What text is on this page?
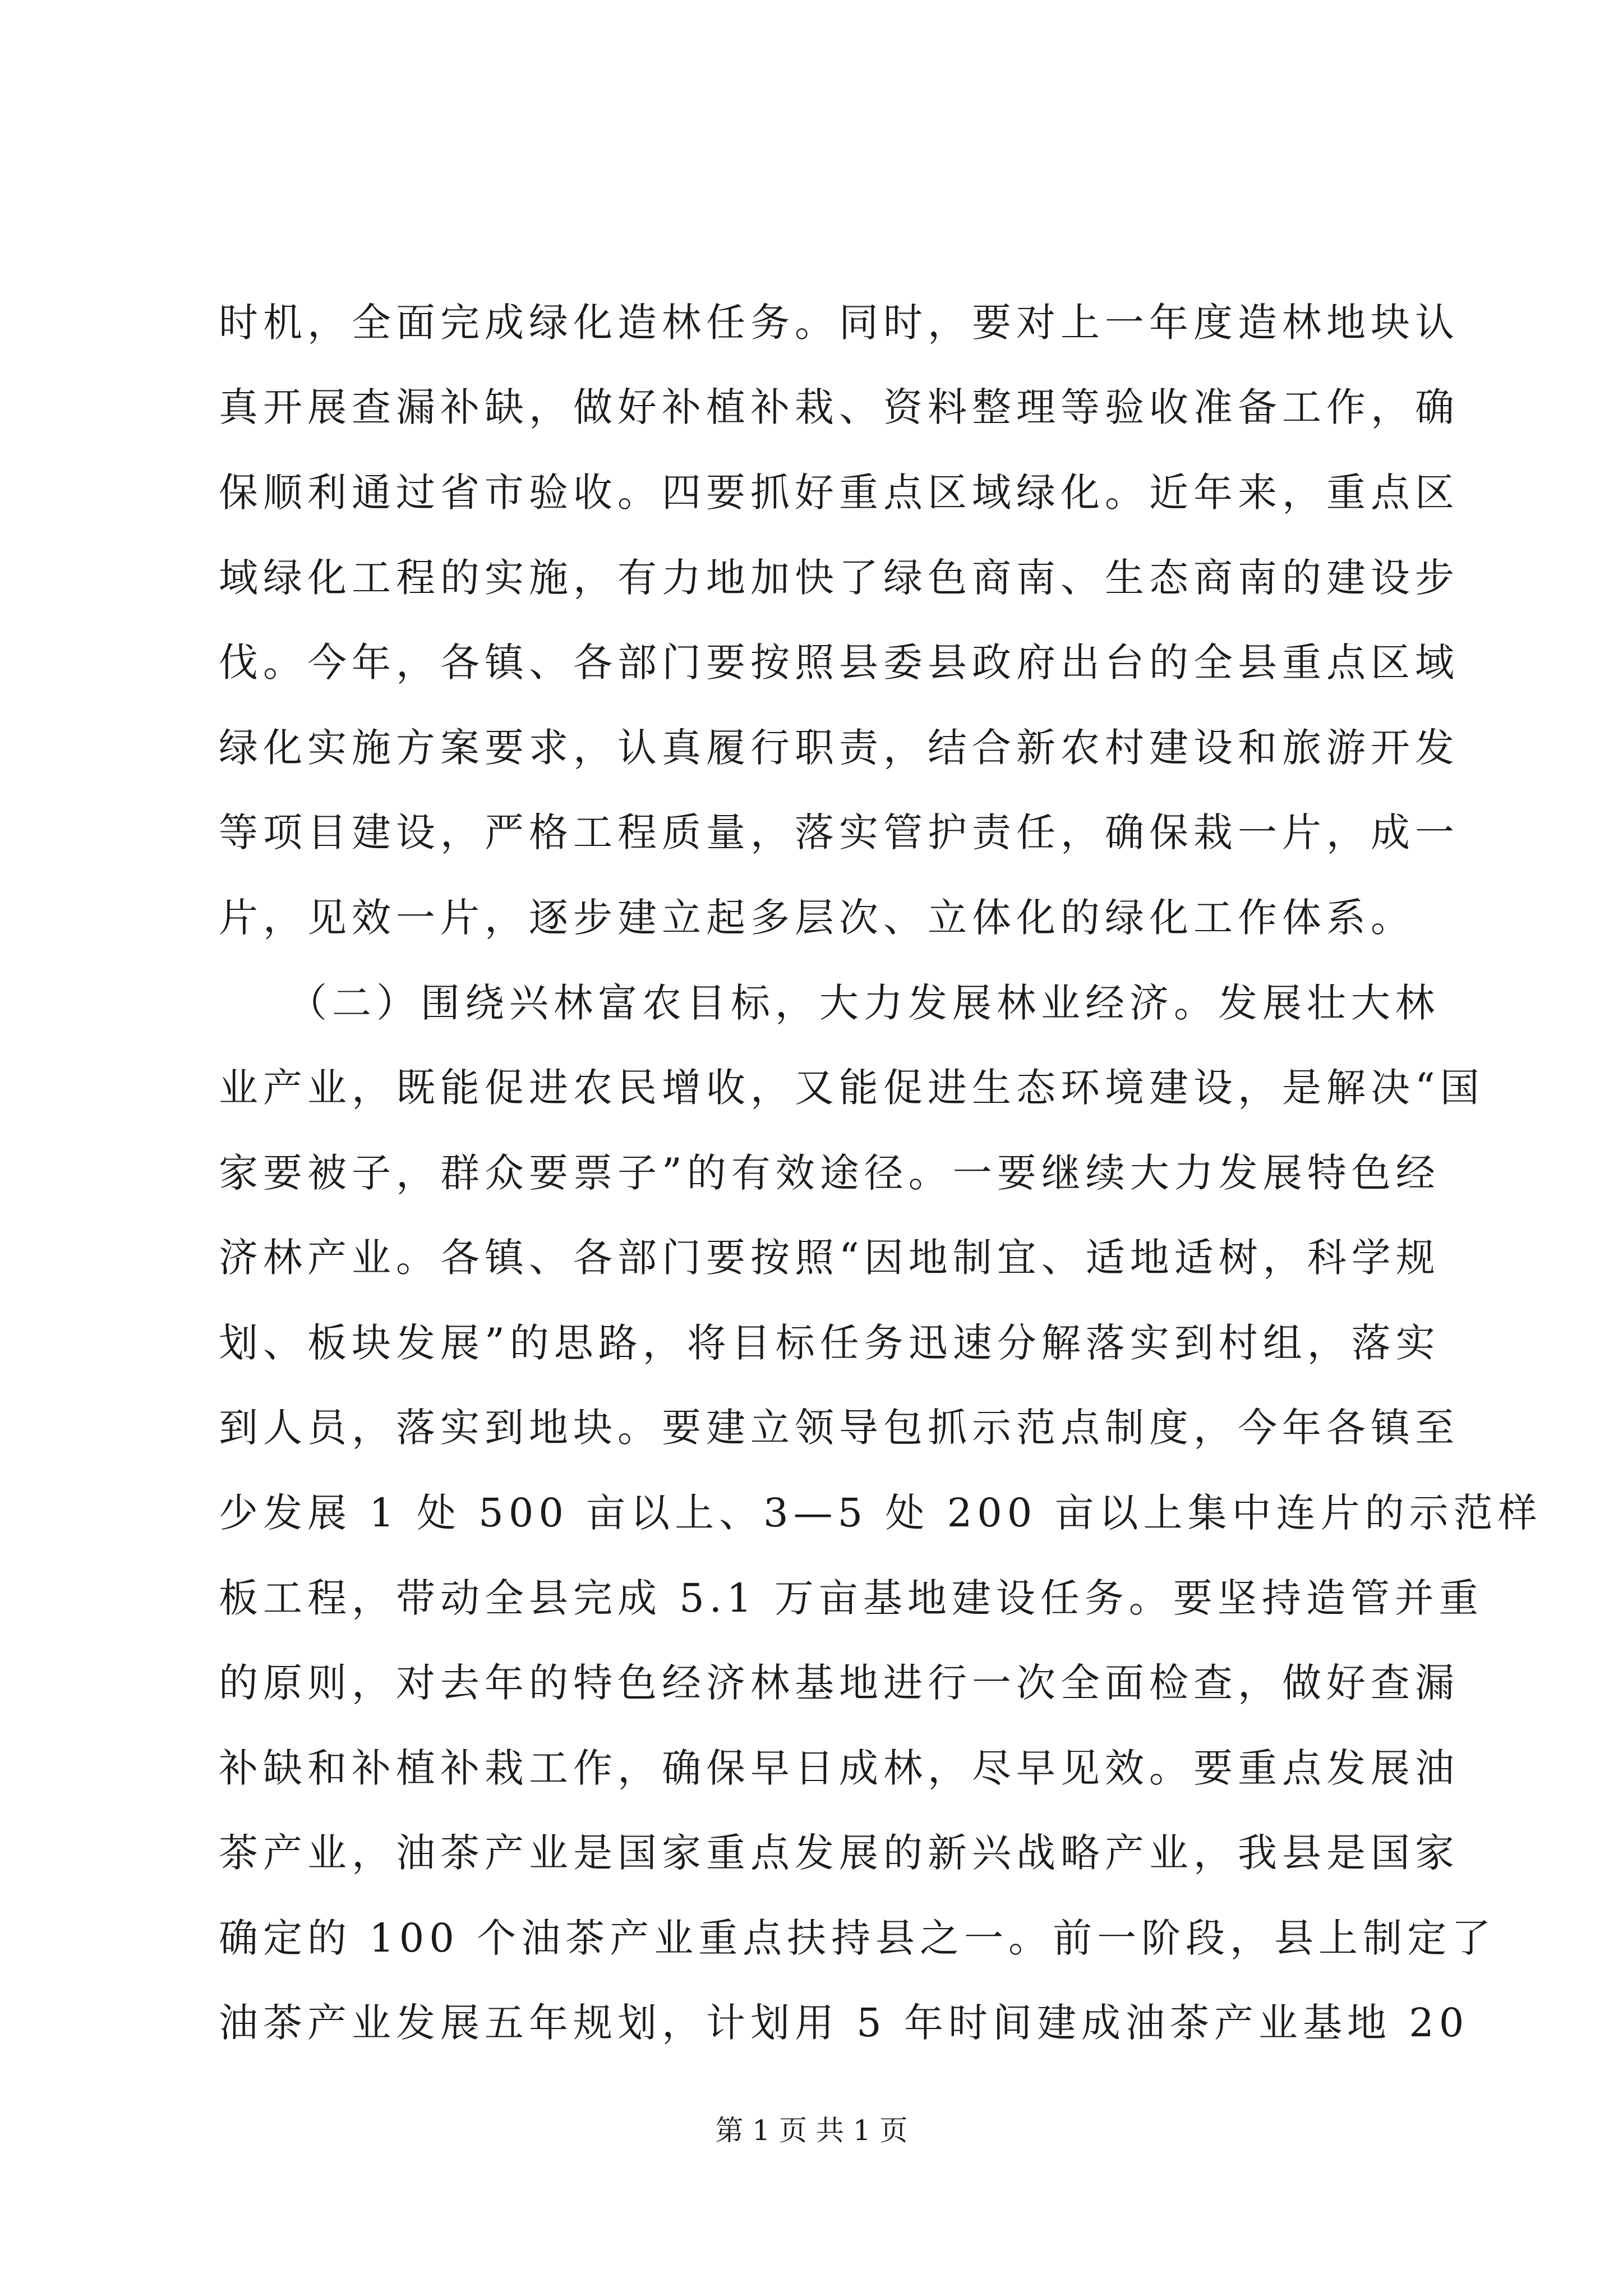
时机，全面完成绿化造林任务。同时，要对上一年度造林地块认
真开展查漏补缺，做好补植补栽、资料整理等验收准备工作，确
保顺利通过省市验收。四要抓好重点区域绿化。近年来，重点区
域绿化工程的实施，有力地加快了绿色商南、生态商南的建设步
伐。今年，各镇、各部门要按照县委县政府出台的全县重点区域
绿化实施方案要求，认真履行职责，结合新农村建设和旅游开发
等项目建设，严格工程质量，落实管护责任，确保栽一片，成一
片，见效一片，逐步建立起多层次、立体化的绿化工作体系。
　　（二）围绕兴林富农目标，大力发展林业经济。发展壮大林
业产业，既能促进农民增收，又能促进生态环境建设，是解决“国
家要被子，群众要票子”的有效途径。一要继续大力发展特色经
济林产业。各镇、各部门要按照“因地制宜、适地适树，科学规
划、板块发展”的思路，将目标任务迅速分解落实到村组，落实
到人员，落实到地块。要建立领导包抓示范点制度，今年各镇至
少发展 1 处 500 亩以上、3—5 处 200 亩以上集中连片的示范样
板工程，带动全县完成 5.1 万亩基地建设任务。要坚持造管并重
的原则，对去年的特色经济林基地进行一次全面检查，做好查漏
补缺和补植补栽工作，确保早日成林，尽早见效。要重点发展油
茶产业，油茶产业是国家重点发展的新兴战略产业，我县是国家
确定的 100 个油茶产业重点扶持县之一。前一阶段，县上制定了
油茶产业发展五年规划，计划用 5 年时间建成油茶产业基地 20
第 1 页 共 1 页
